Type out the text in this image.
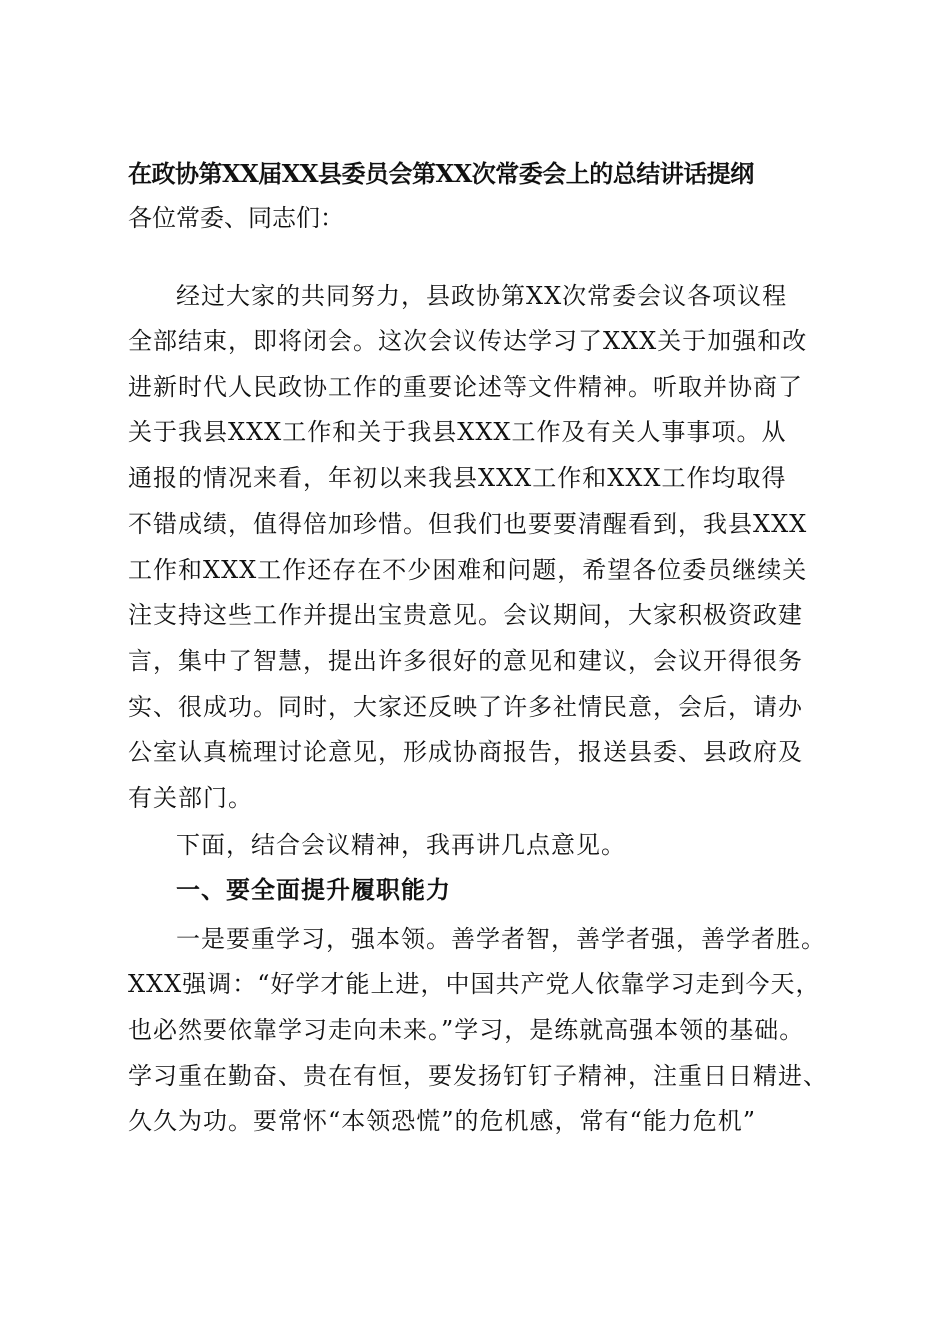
在政协第XX届XX县委员会第XX次常委会上的总结讲话提纲
各位常委、同志们：
经过大家的共同努力，县政协第XX次常委会议各项议程
全部结束，即将闭会。这次会议传达学习了XXX关于加强和改
进新时代人民政协工作的重要论述等文件精神。听取并协商了
关于我县XXX工作和关于我县XXX工作及有关人事事项。从
通报的情况来看，年初以来我县XXX工作和XXX工作均取得
不错成绩，值得倍加珍惜。但我们也要要清醒看到，我县XXX
工作和XXX工作还存在不少困难和问题，希望各位委员继续关
注支持这些工作并提出宝贵意见。会议期间，大家积极资政建
言，集中了智慧，提出许多很好的意见和建议，会议开得很务
实、很成功。同时，大家还反映了许多社情民意，会后，请办
公室认真梳理讨论意见，形成协商报告，报送县委、县政府及
有关部门。
下面，结合会议精神，我再讲几点意见。
一、要全面提升履职能力
一是要重学习，强本领。善学者智，善学者强，善学者胜。
XXX强调：“好学才能上进，中国共产党人依靠学习走到今天，
也必然要依靠学习走向未来。”学习，是练就高强本领的基础。
学习重在勤奋、贵在有恒，要发扬钉钉子精神，注重日日精进、
久久为功。要常怀“本领恐慌”的危机感，常有“能力危机”
